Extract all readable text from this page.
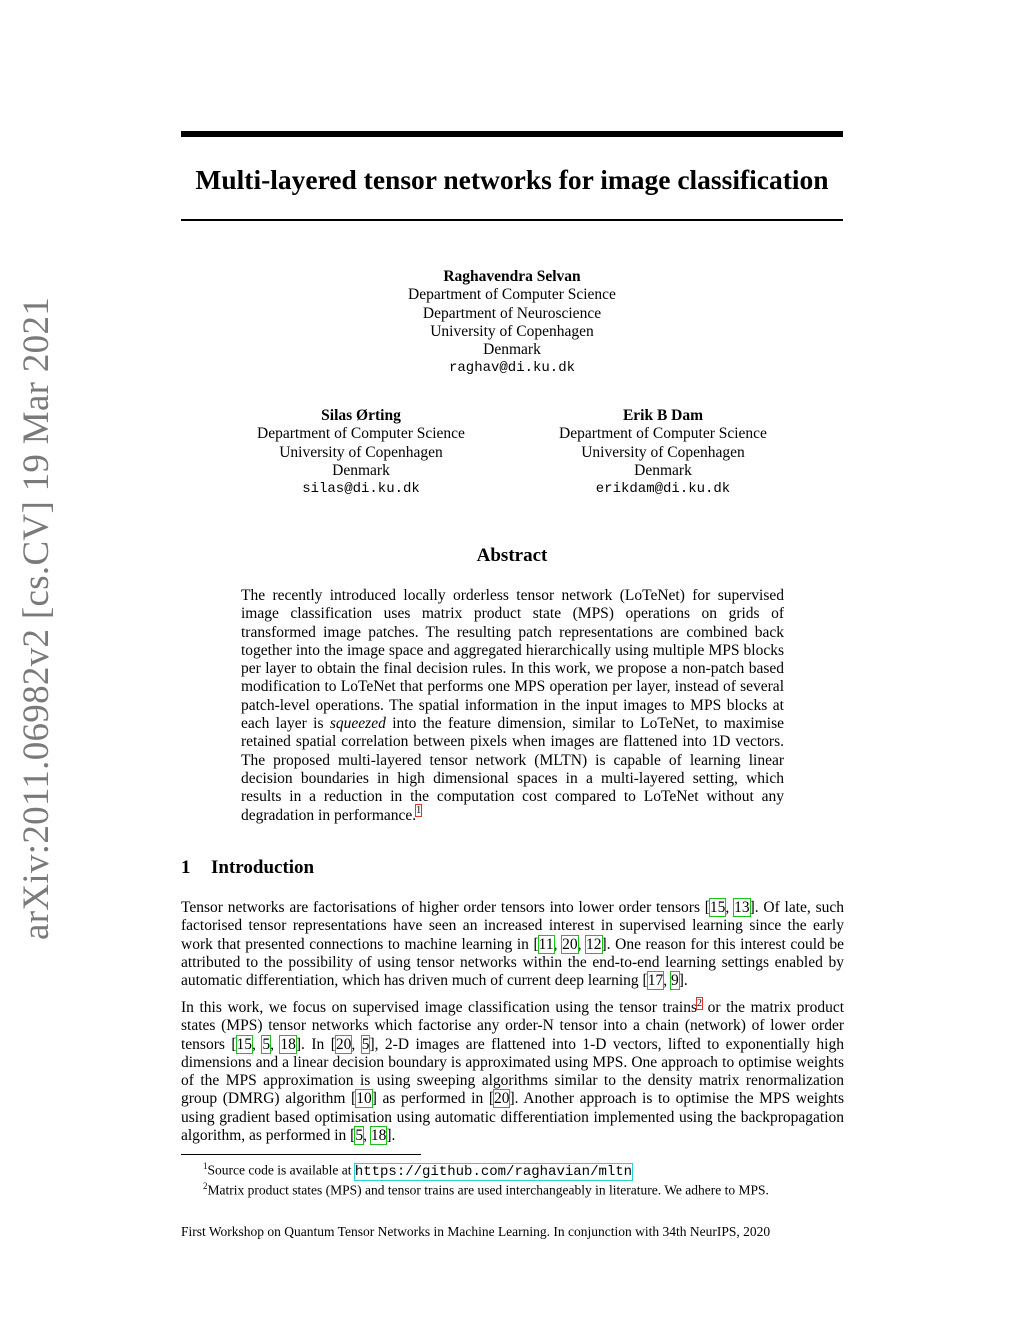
arXiv:2011.06982v2 [cs.CV] 19 Mar 2021
Multi-layered tensor networks for image classification
Raghavendra Selvan
Department of Computer Science
Department of Neuroscience
University of Copenhagen
Denmark
raghav@di.ku.dk
Silas Ørting
Department of Computer Science
University of Copenhagen
Denmark
silas@di.ku.dk
Erik B Dam
Department of Computer Science
University of Copenhagen
Denmark
erikdam@di.ku.dk
Abstract
The recently introduced locally orderless tensor network (LoTeNet) for supervised image classification uses matrix product state (MPS) operations on grids of transformed image patches. The resulting patch representations are combined back together into the image space and aggregated hierarchically using multiple MPS blocks per layer to obtain the final decision rules. In this work, we propose a non-patch based modification to LoTeNet that performs one MPS operation per layer, instead of several patch-level operations. The spatial information in the input images to MPS blocks at each layer is squeezed into the feature dimension, similar to LoTeNet, to maximise retained spatial correlation between pixels when images are flattened into 1D vectors. The proposed multi-layered tensor network (MLTN) is capable of learning linear decision boundaries in high dimensional spaces in a multi-layered setting, which results in a reduction in the computation cost compared to LoTeNet without any degradation in performance.$^1$
1 Introduction
Tensor networks are factorisations of higher order tensors into lower order tensors [15, 13]. Of late, such factorised tensor representations have seen an increased interest in supervised learning since the early work that presented connections to machine learning in [11, 20, 12]. One reason for this interest could be attributed to the possibility of using tensor networks within the end-to-end learning settings enabled by automatic differentiation, which has driven much of current deep learning [17, 9].
In this work, we focus on supervised image classification using the tensor trains$^2$ or the matrix product states (MPS) tensor networks which factorise any order-N tensor into a chain (network) of lower order tensors [15, 5, 18]. In [20, 5], 2-D images are flattened into 1-D vectors, lifted to exponentially high dimensions and a linear decision boundary is approximated using MPS. One approach to optimise weights of the MPS approximation is using sweeping algorithms similar to the density matrix renormalization group (DMRG) algorithm [10] as performed in [20]. Another approach is to optimise the MPS weights using gradient based optimisation using automatic differentiation implemented using the backpropagation algorithm, as performed in [5, 18].
$^1$Source code is available at https://github.com/raghavian/mltn
$^2$Matrix product states (MPS) and tensor trains are used interchangeably in literature. We adhere to MPS.
First Workshop on Quantum Tensor Networks in Machine Learning. In conjunction with 34th NeurIPS, 2020
